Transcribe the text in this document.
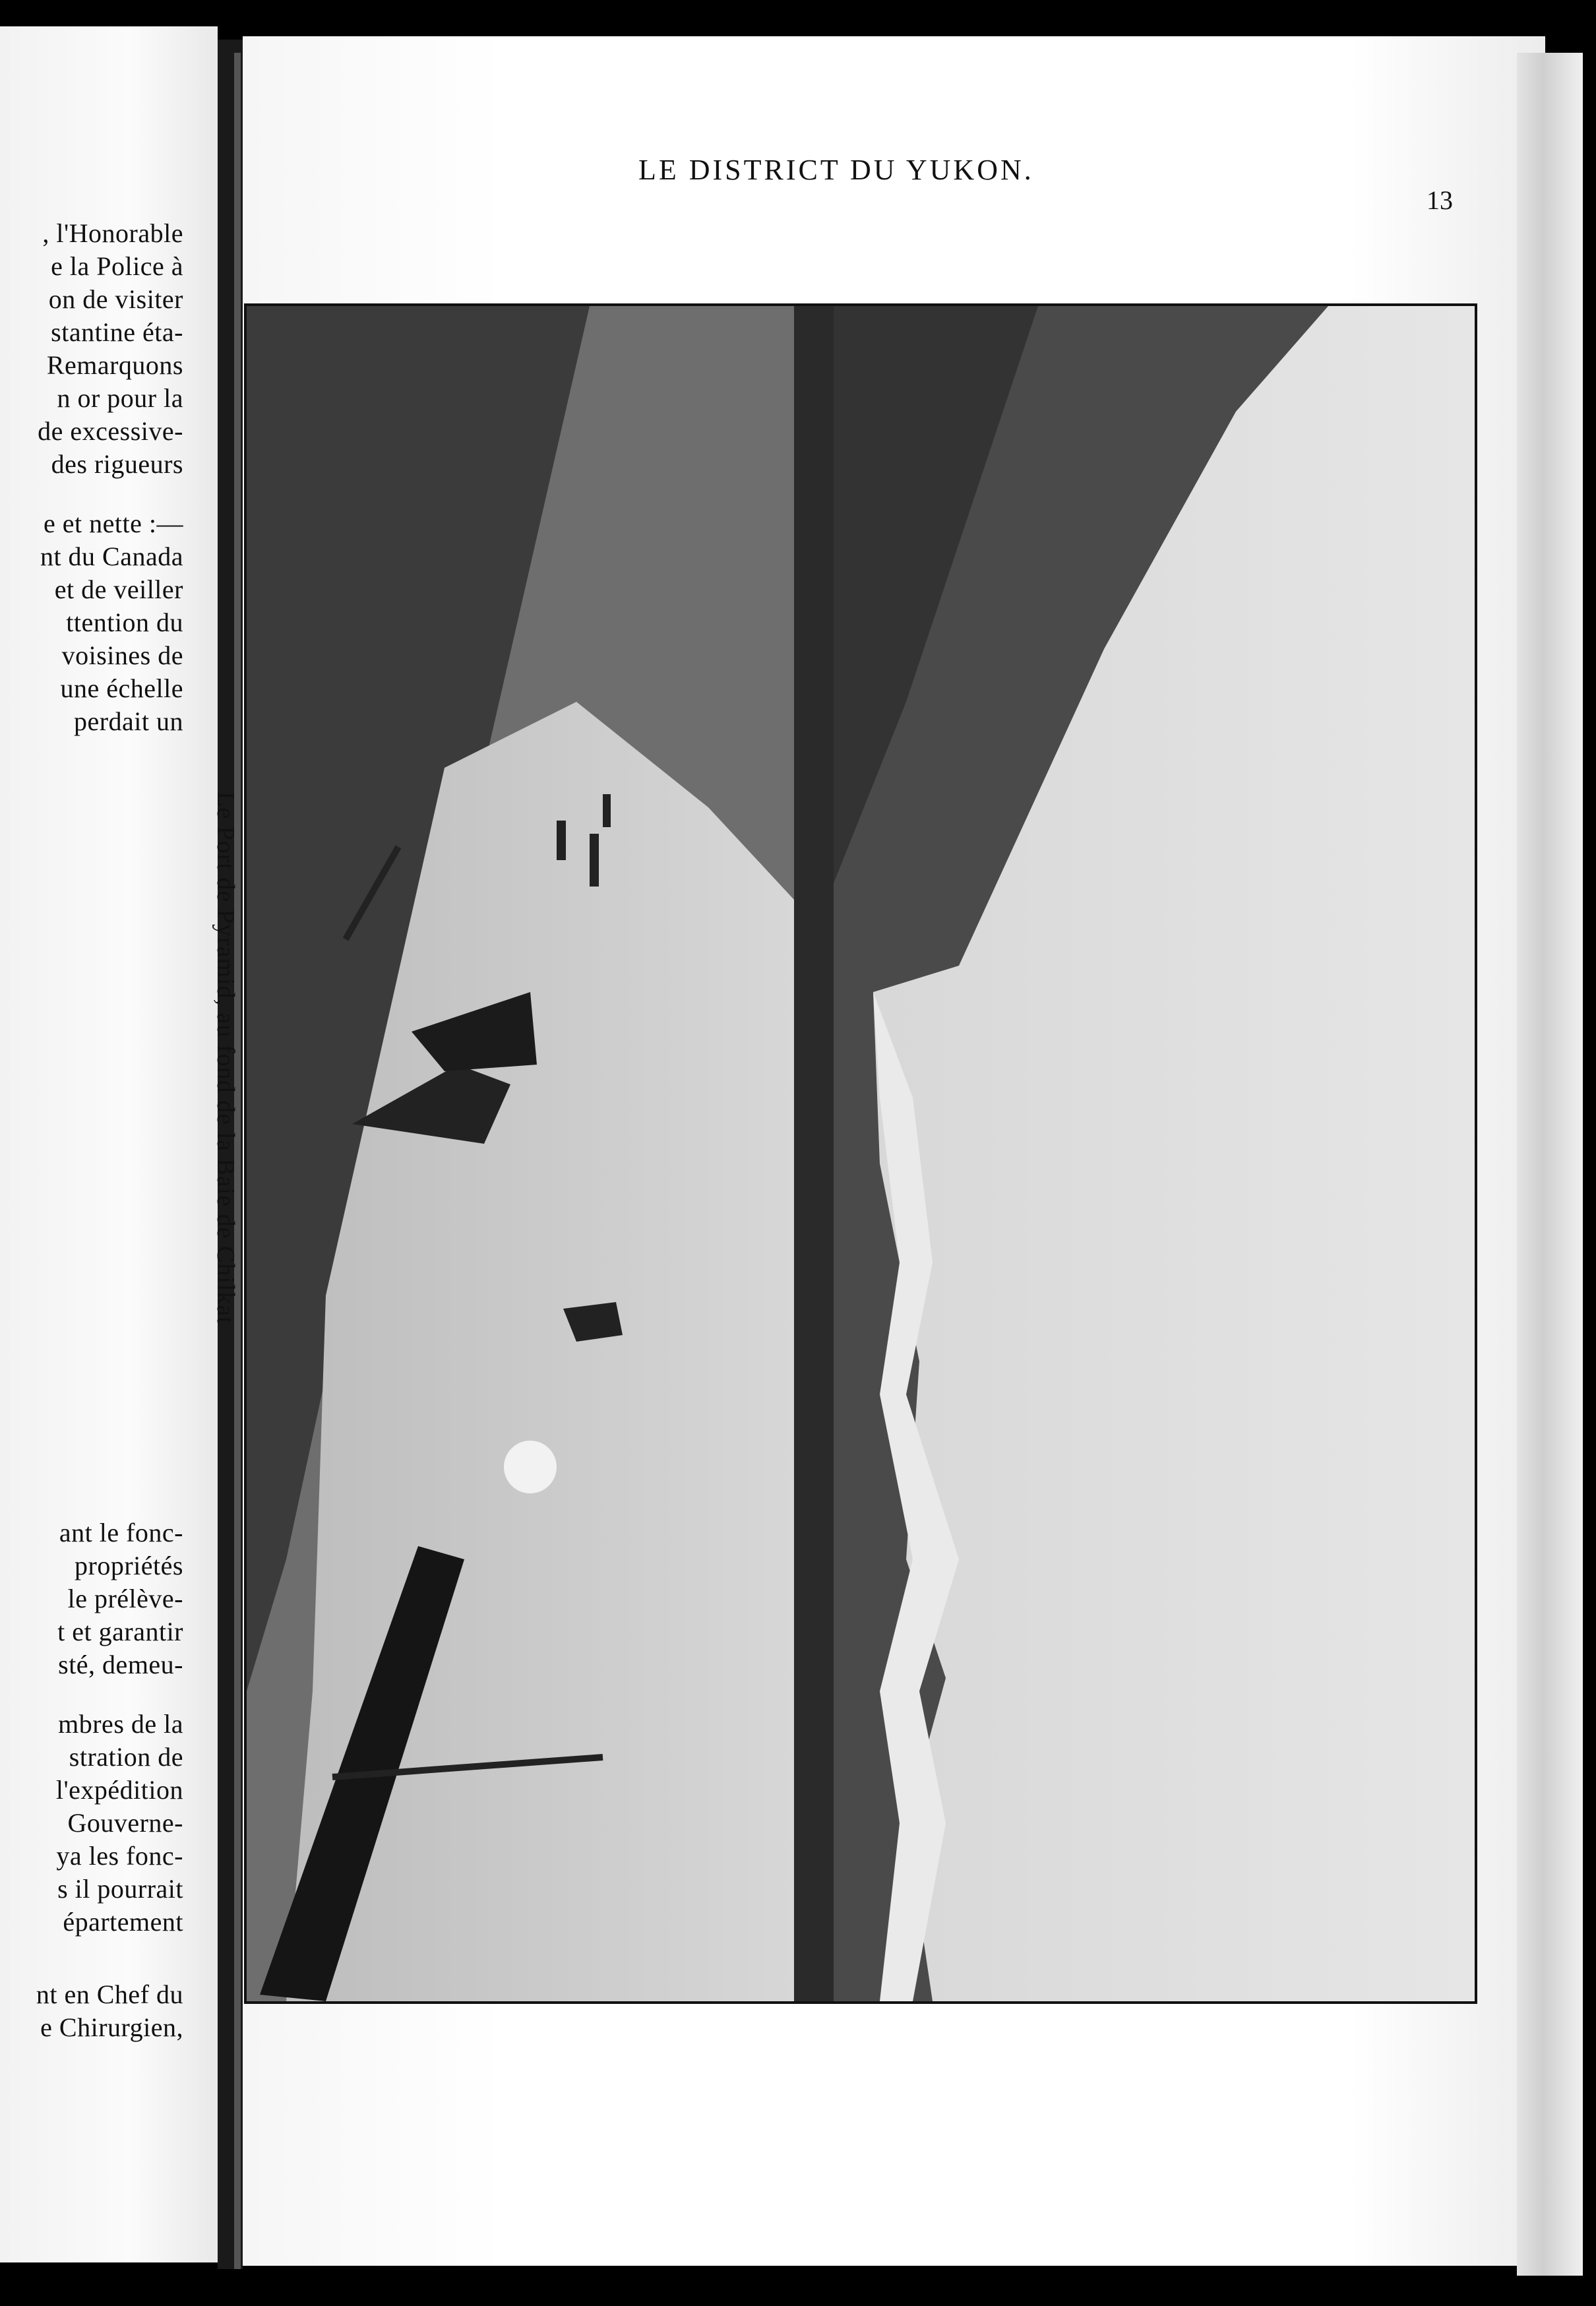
, l'Honorable
e la Police à
on de visiter
stantine éta-
Remarquons
n or pour la
de excessive-
des rigueurs
e et nette :—
nt du Canada
et de veiller
ttention du
voisines de
une échelle
perdait un
ant le fonc-
propriétés
le prélève-
t et garantir
sté, demeu-
mbres de la
stration de
l'expédition
Gouverne-
ya les fonc-
s il pourrait
épartement
nt en Chef du
e Chirurgien,
LE DISTRICT DU YUKON.
13
Le Port de Pyramid, au fond de la Baie de Chilkat
